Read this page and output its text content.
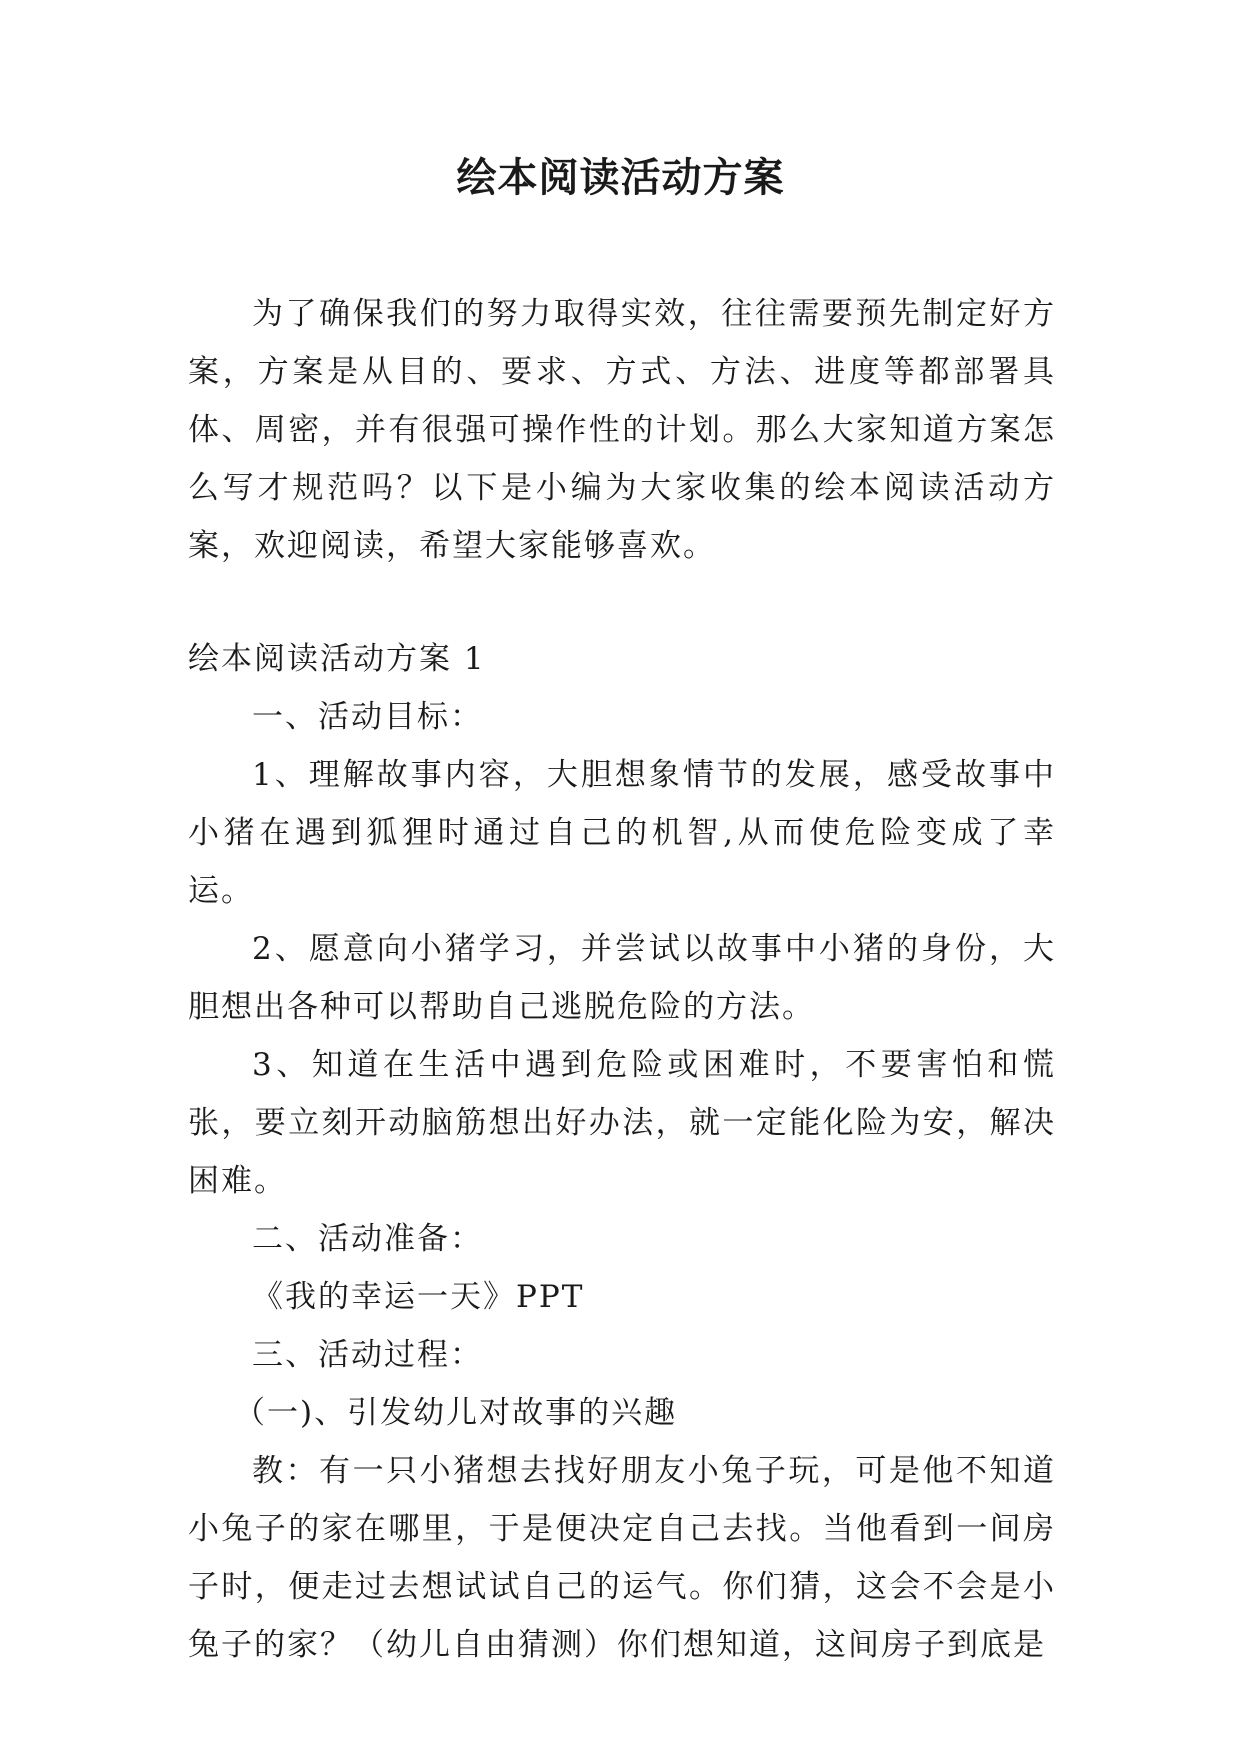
绘本阅读活动方案

为了确保我们的努力取得实效，往往需要预先制定好方案，方案是从目的、要求、方式、方法、进度等都部署具体、周密，并有很强可操作性的计划。那么大家知道方案怎么写才规范吗？以下是小编为大家收集的绘本阅读活动方案，欢迎阅读，希望大家能够喜欢。

绘本阅读活动方案 1

一、活动目标：

1、理解故事内容，大胆想象情节的发展，感受故事中小猪在遇到狐狸时通过自己的机智,从而使危险变成了幸运。

2、愿意向小猪学习，并尝试以故事中小猪的身份，大胆想出各种可以帮助自己逃脱危险的方法。

3、知道在生活中遇到危险或困难时，不要害怕和慌张，要立刻开动脑筋想出好办法，就一定能化险为安，解决困难。

二、活动准备：

《我的幸运一天》PPT

三、活动过程：

（一)、引发幼儿对故事的兴趣

教：有一只小猪想去找好朋友小兔子玩，可是他不知道小兔子的家在哪里，于是便决定自己去找。当他看到一间房子时，便走过去想试试自己的运气。你们猜，这会不会是小兔子的家？（幼儿自由猜测）你们想知道，这间房子到底是
